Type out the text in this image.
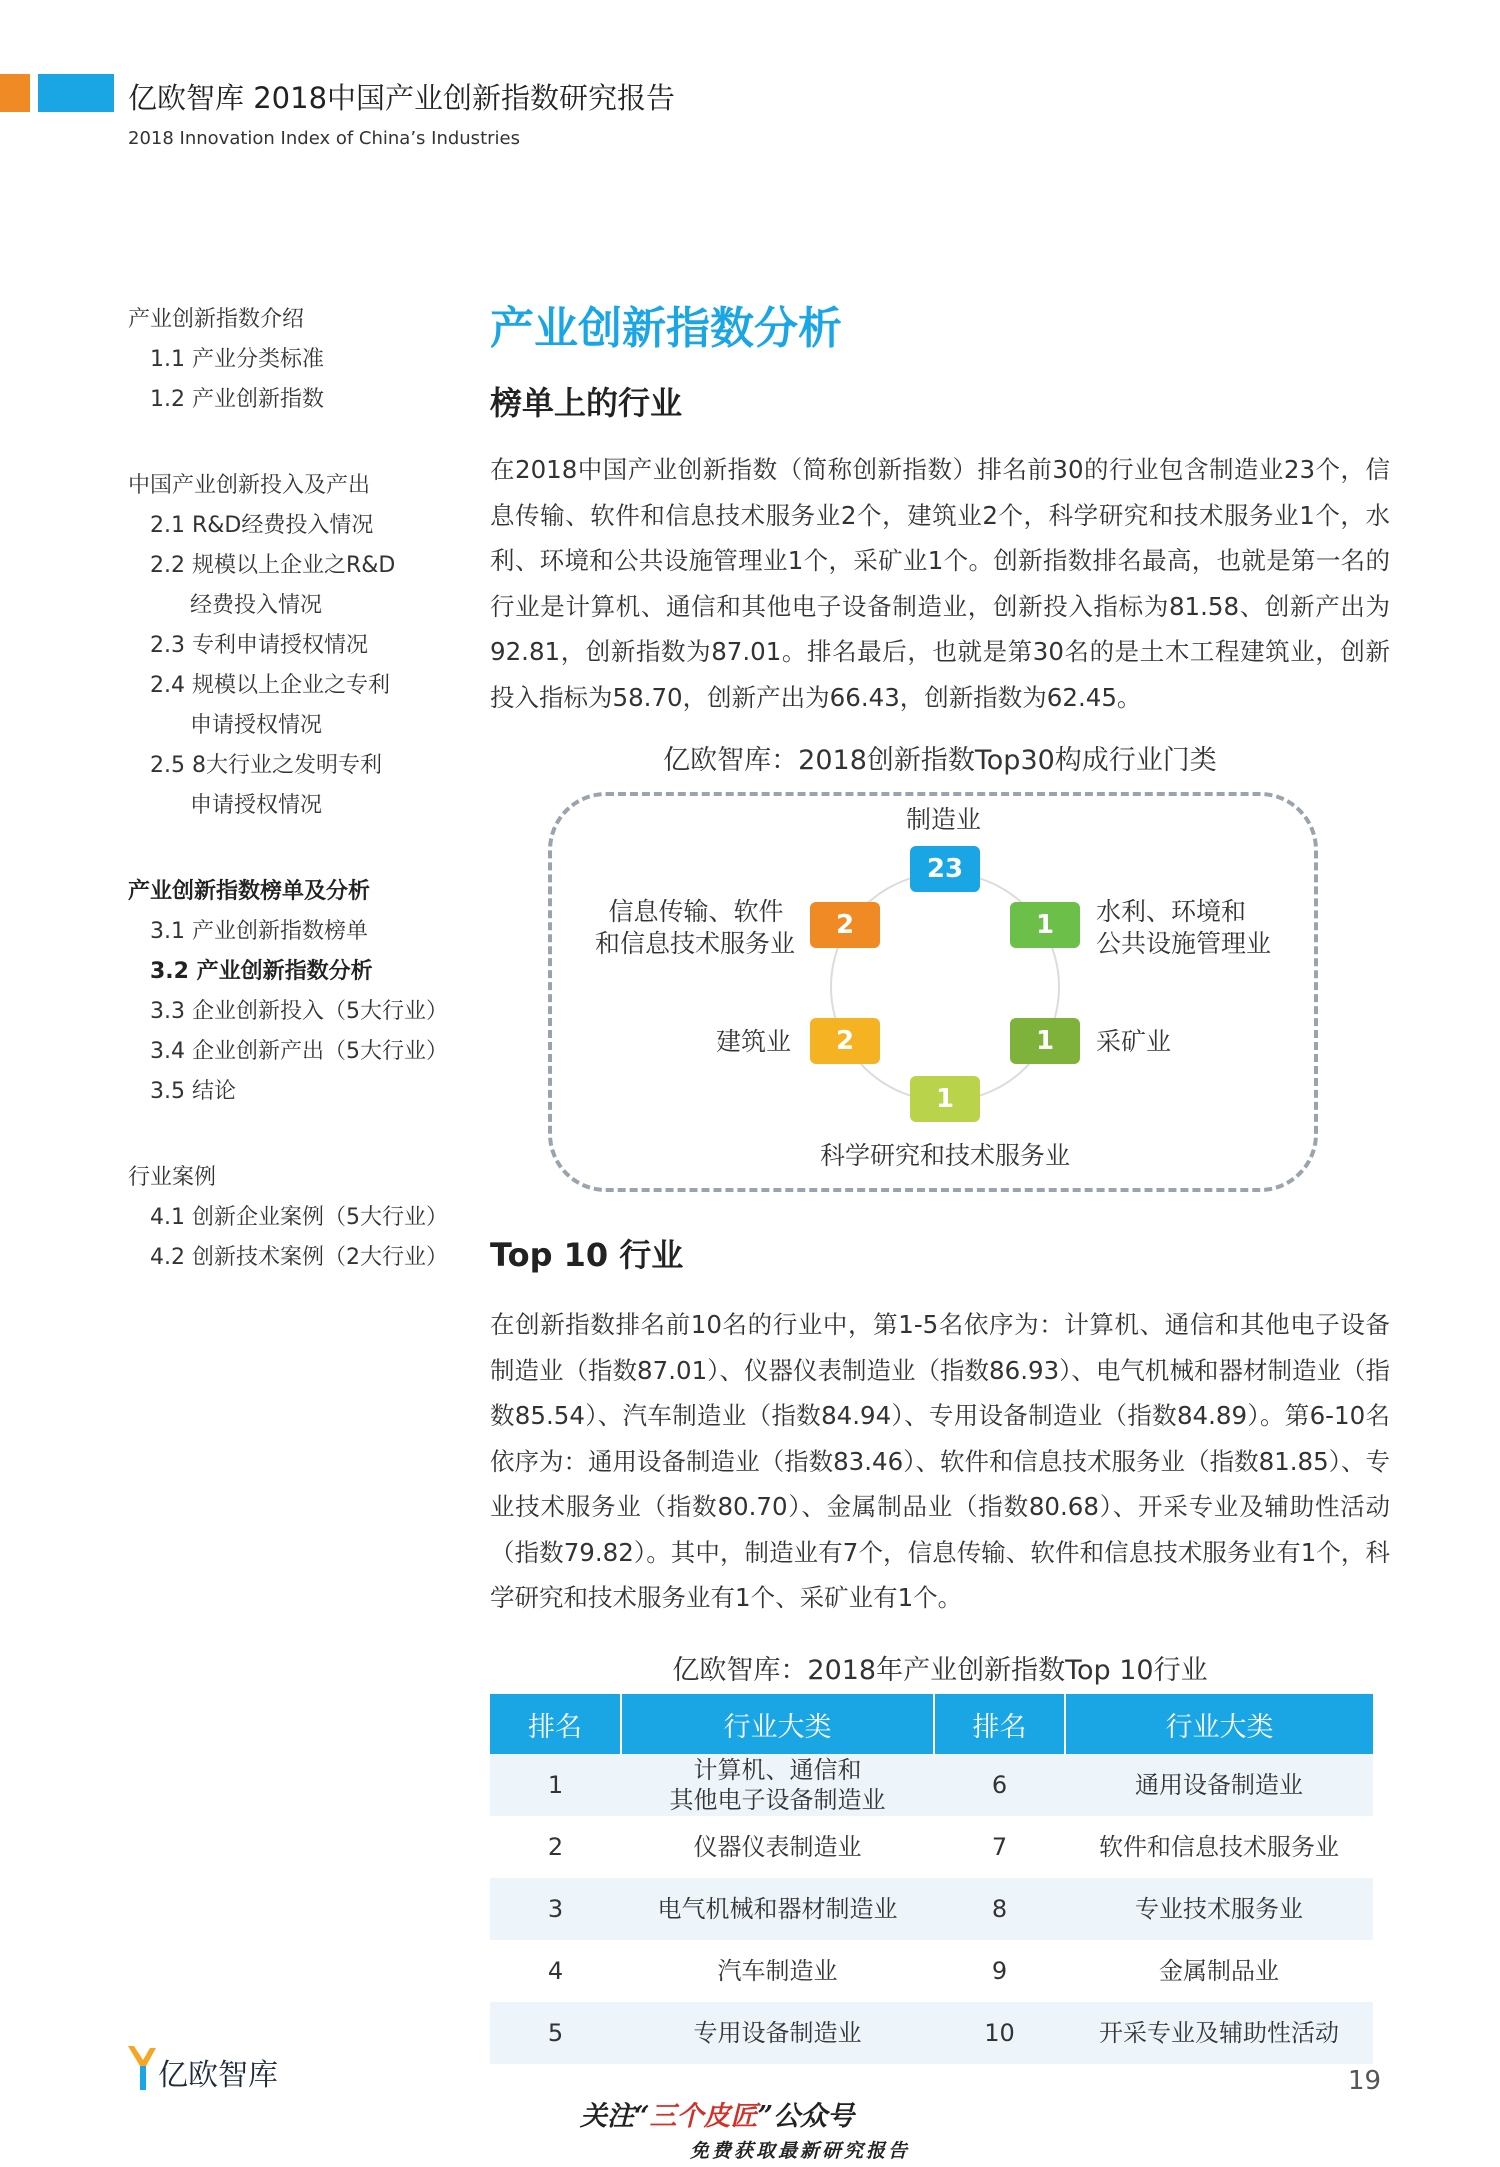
亿欧智库 2018中国产业创新指数研究报告
2018 Innovation Index of China’s Industries
产业创新指数介绍
1.1 产业分类标准
1.2 产业创新指数
中国产业创新投入及产出
2.1 R&D经费投入情况
2.2 规模以上企业之R&D
经费投入情况
2.3 专利申请授权情况
2.4 规模以上企业之专利
申请授权情况
2.5 8大行业之发明专利
申请授权情况
产业创新指数榜单及分析
3.1 产业创新指数榜单
3.2 产业创新指数分析
3.3 企业创新投入（5大行业）
3.4 企业创新产出（5大行业）
3.5 结论
行业案例
4.1 创新企业案例（5大行业）
4.2 创新技术案例（2大行业）
产业创新指数分析
榜单上的行业
在2018中国产业创新指数（简称创新指数）排名前30的行业包含制造业23个，信息传输、软件和信息技术服务业2个，建筑业2个，科学研究和技术服务业1个，水利、环境和公共设施管理业1个，采矿业1个。创新指数排名最高，也就是第一名的行业是计算机、通信和其他电子设备制造业，创新投入指标为81.58、创新产出为92.81，创新指数为87.01。排名最后，也就是第30名的是土木工程建筑业，创新投入指标为58.70，创新产出为66.43，创新指数为62.45。
亿欧智库：2018创新指数Top30构成行业门类
制造业
23
1	水利、环境和
公共设施管理业
1	采矿业
1
科学研究和技术服务业
2
建筑业
2
信息传输、软件
和信息技术服务业
Top 10 行业
在创新指数排名前10名的行业中，第1-5名依序为：计算机、通信和其他电子设备制造业（指数87.01）、仪器仪表制造业（指数86.93）、电气机械和器材制造业（指数85.54）、汽车制造业（指数84.94）、专用设备制造业（指数84.89）。第6-10名依序为：通用设备制造业（指数83.46）、软件和信息技术服务业（指数81.85）、专业技术服务业（指数80.70）、金属制品业（指数80.68）、开采专业及辅助性活动（指数79.82）。其中，制造业有7个，信息传输、软件和信息技术服务业有1个，科学研究和技术服务业有1个、采矿业有1个。
亿欧智库：2018年产业创新指数Top 10行业
排名	行业大类	排名	行业大类
1	计算机、通信和
其他电子设备制造业	6	通用设备制造业
2	仪器仪表制造业	7	软件和信息技术服务业
3	电气机械和器材制造业	8	专业技术服务业
4	汽车制造业	9	金属制品业
5	专用设备制造业	10	开采专业及辅助性活动
亿欧智库	19
关注“三个皮匠”公众号
免费获取最新研究报告
